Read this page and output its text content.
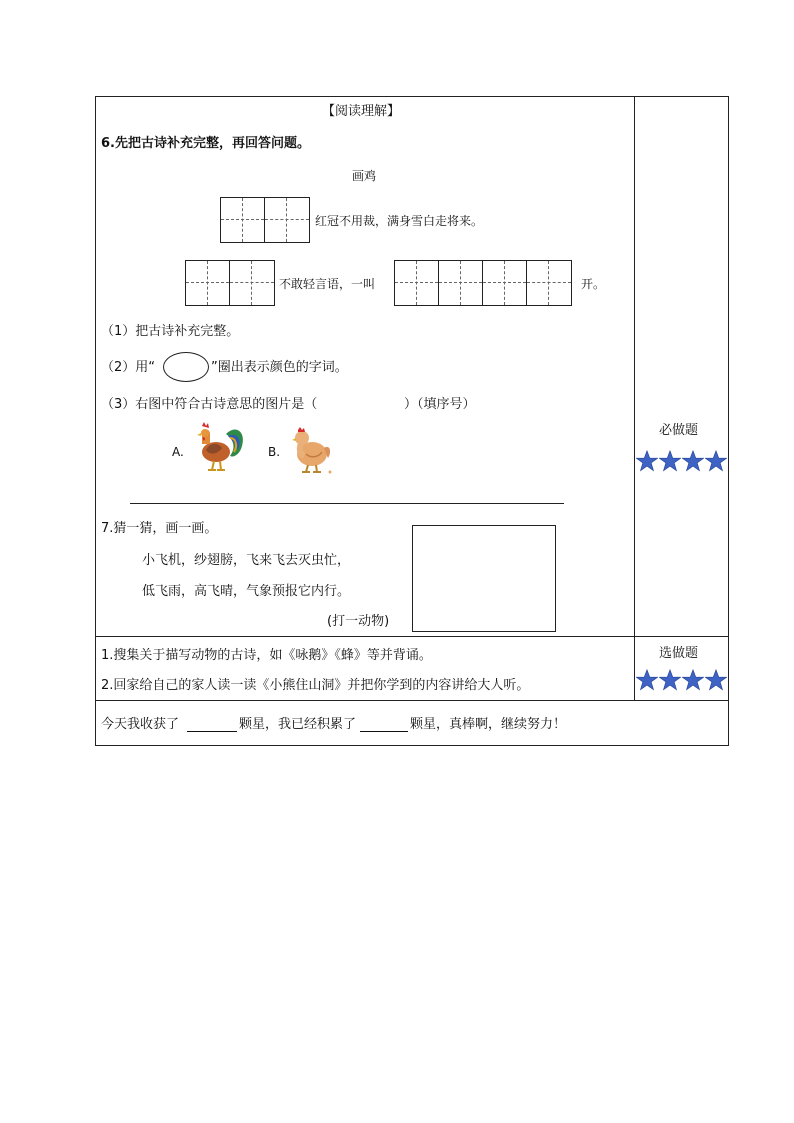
【阅读理解】
6.先把古诗补充完整，再回答问题。
画鸡
红冠不用裁，满身雪白走将来。
不敢轻言语，一叫	开。
（1）把古诗补充完整。
（2）用“	”圈出表示颜色的字词。
（3）右图中符合古诗意思的图片是（	）（填序号）
A.	B.
7.猜一猜，画一画。
小飞机，纱翅膀，飞来飞去灭虫忙，
低飞雨，高飞晴，气象预报它内行。
(打一动物)
必做题
1.搜集关于描写动物的古诗，如《咏鹅》《蜂》等并背诵。
2.回家给自己的家人读一读《小熊住山洞》并把你学到的内容讲给大人听。
选做题
今天我收获了	颗星，我已经积累了	颗星，真棒啊，继续努力！
